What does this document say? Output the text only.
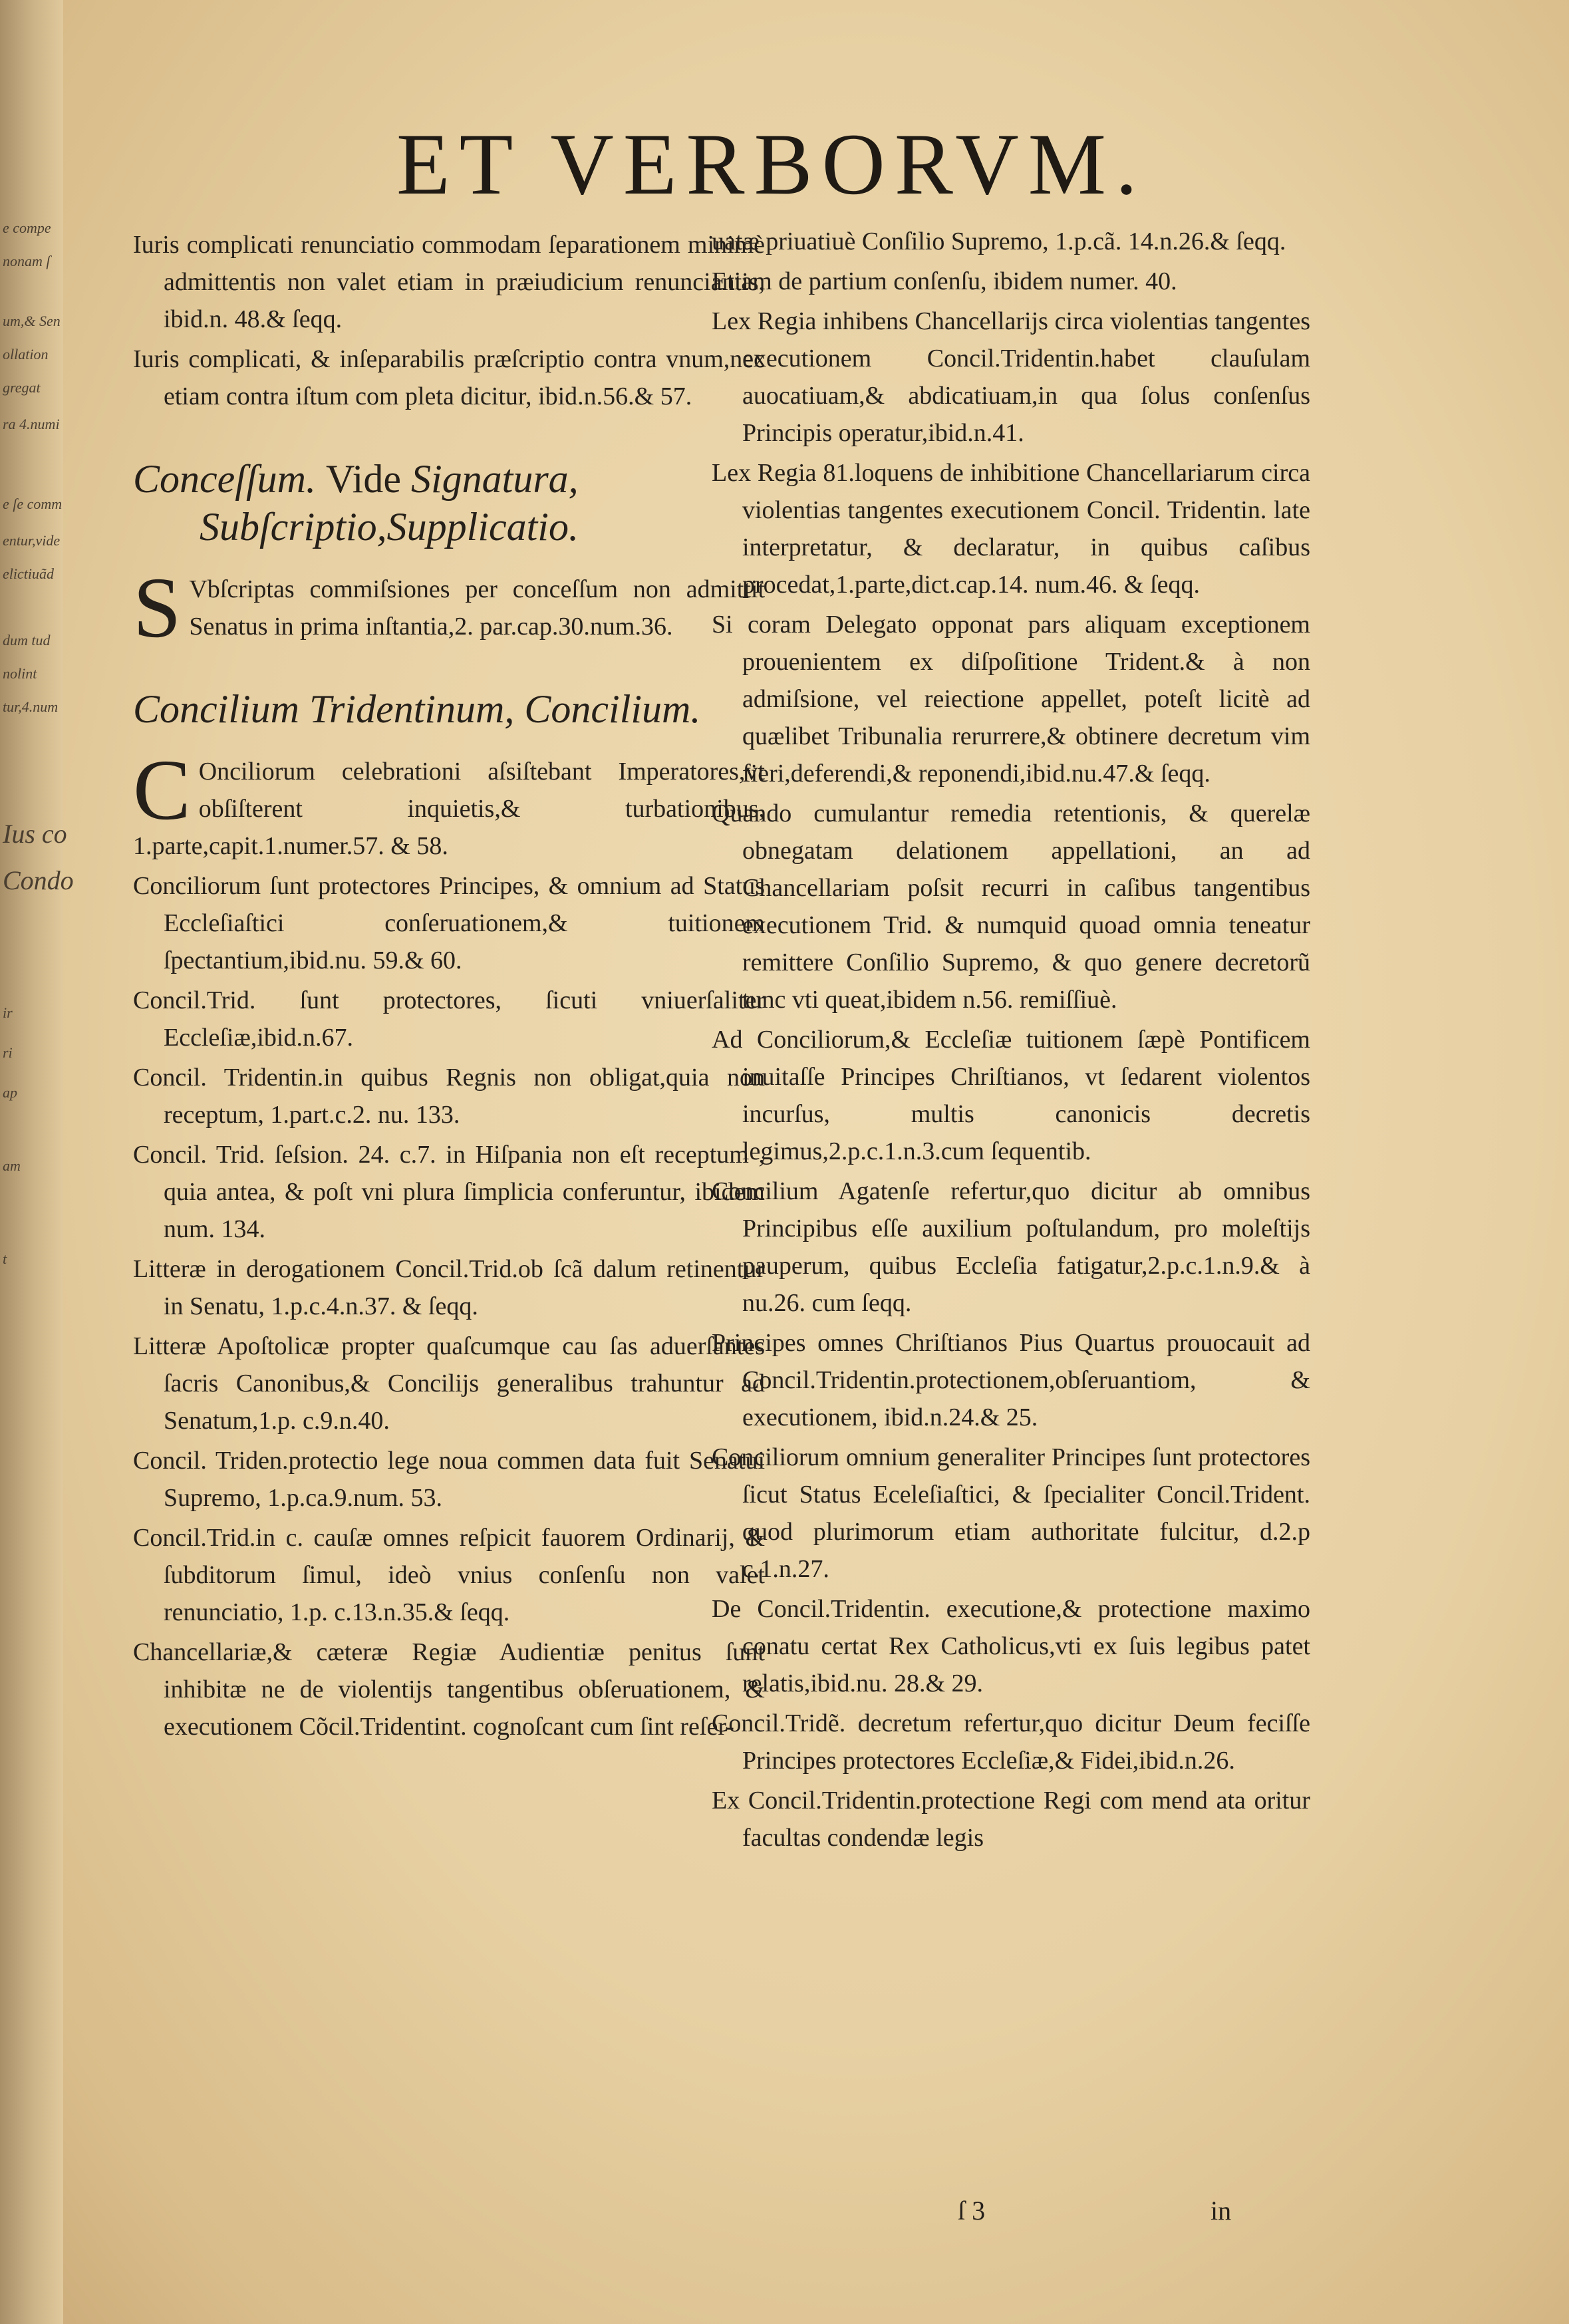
e compe
nonam ſ
um,& Sen
ollation
gregat
ra 4.numi
e ſe comm
entur,vide
elictiuãd
dum tud
nolint
tur,4.num
Ius co
Condo
ir
ri
ap
am
t
ET VERBORVM.

Iuris complicati renunciatio commodam ſeparationem minimè admittentis non valet etiam in præiudicium renunciantis, ibid.n. 48.& ſeqq.

Iuris complicati, & inſeparabilis præſcriptio contra vnum,nec etiam contra iſtum com pleta dicitur, ibid.n.56.& 57.

Conceſſum. Vide Signatura, Subſcriptio,Supplicatio.

S Vbſcriptas commiſsiones per conceſſum non admittit Senatus in prima inſtantia,2. par.cap.30.num.36.

Concilium Tridentinum, Concilium.

C Onciliorum celebrationi aſsiſtebant Imperatores,vt obſiſterent inquietis,& turbationibus, 1.parte,capit.1.numer.57. & 58.

Conciliorum ſunt protectores Principes, & omnium ad Status Eccleſiaſtici conſeruationem,& tuitionem ſpectantium,ibid.nu. 59.& 60.

Concil.Trid. ſunt protectores, ſicuti vniuerſaliter Eccleſiæ,ibid.n.67.

Concil. Tridentin.in quibus Regnis non obligat,quia non receptum, 1.part.c.2. nu. 133.

Concil. Trid. ſeſsion. 24. c.7. in Hiſpania non eſt receptum , quia antea, & poſt vni plura ſimplicia conferuntur, ibidem num. 134.

Litteræ in derogationem Concil.Trid.ob ſcã dalum retinentur in Senatu, 1.p.c.4.n.37. & ſeqq.

Litteræ Apoſtolicæ propter quaſcumque cau ſas aduerſantes ſacris Canonibus,& Concilijs generalibus trahuntur ad Senatum,1.p. c.9.n.40.

Concil. Triden.protectio lege noua commen data fuit Senatui Supremo, 1.p.ca.9.num. 53.

Concil.Trid.in c. cauſæ omnes reſpicit fauorem Ordinarij, & ſubditorum ſimul, ideò vnius conſenſu non valet renunciatio, 1.p. c.13.n.35.& ſeqq.

Chancellariæ,& cæteræ Regiæ Audientiæ penitus ſunt inhibitæ ne de violentijs tangentibus obſeruationem, & executionem Cõcil.Tridentint. cognoſcant cum ſint reſer-

uatæ priuatiuè Conſilio Supremo, 1.p.cã. 14.n.26.& ſeqq.

Etiam de partium conſenſu, ibidem numer. 40.

Lex Regia inhibens Chancellarijs circa violentias tangentes executionem Concil.Tridentin.habet clauſulam auocatiuam,& abdicatiuam,in qua ſolus conſenſus Principis operatur,ibid.n.41.

Lex Regia 81.loquens de inhibitione Chancellariarum circa violentias tangentes executionem Concil. Tridentin. late interpretatur, & declaratur, in quibus caſibus procedat,1.parte,dict.cap.14. num.46. & ſeqq.

Si coram Delegato opponat pars aliquam exceptionem prouenientem ex diſpoſitione Trident.& à non admiſsione, vel reiectione appellet, poteſt licitè ad quælibet Tribunalia rerurrere,& obtinere decretum vim fieri,deferendi,& reponendi,ibid.nu.47.& ſeqq.

Quando cumulantur remedia retentionis, & querelæ obnegatam delationem appellationi, an ad Chancellariam poſsit recurri in caſibus tangentibus executionem Trid. & numquid quoad omnia teneatur remittere Conſilio Supremo, & quo genere decretorũ tunc vti queat,ibidem n.56. remiſſiuè.

Ad Conciliorum,& Eccleſiæ tuitionem ſæpè Pontificem inuitaſſe Principes Chriſtianos, vt ſedarent violentos incurſus, multis canonicis decretis legimus,2.p.c.1.n.3.cum ſequentib.

Concilium Agatenſe refertur,quo dicitur ab omnibus Principibus eſſe auxilium poſtulandum, pro moleſtijs pauperum, quibus Eccleſia fatigatur,2.p.c.1.n.9.& à nu.26. cum ſeqq.

Principes omnes Chriſtianos Pius Quartus prouocauit ad Concil.Tridentin.protectionem,obſeruantiom, & executionem, ibid.n.24.& 25.

Conciliorum omnium generaliter Principes ſunt protectores ſicut Status Eceleſiaſtici, & ſpecialiter Concil.Trident. quod plurimorum etiam authoritate fulcitur, d.2.p c.1.n.27.

De Concil.Tridentin. executione,& protectione maximo conatu certat Rex Catholicus,vti ex ſuis legibus patet relatis,ibid.nu. 28.& 29.

Concil.Tridẽ. decretum refertur,quo dicitur Deum feciſſe Principes protectores Eccleſiæ,& Fidei,ibid.n.26.

Ex Concil.Tridentin.protectione Regi com mend ata oritur facultas condendæ legis

ſ 3	in
